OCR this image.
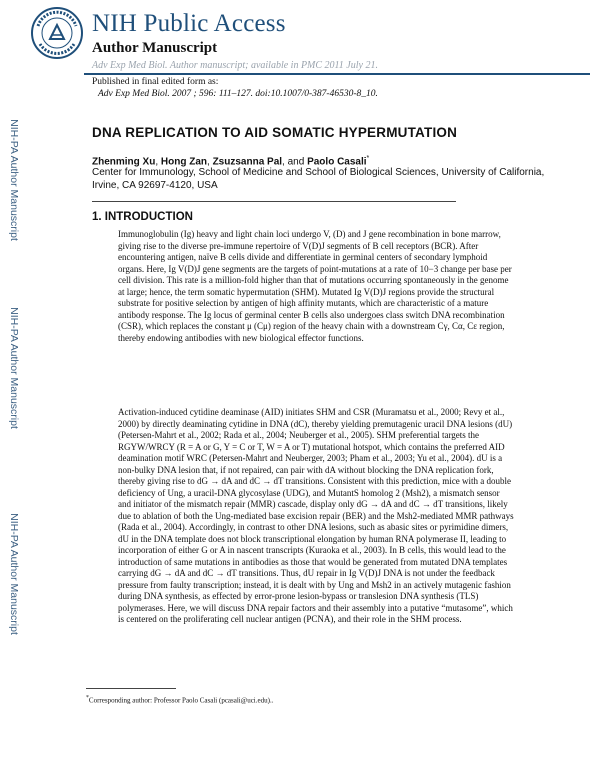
NIH Public Access
Author Manuscript
Adv Exp Med Biol. Author manuscript; available in PMC 2011 July 21.
Published in final edited form as:
Adv Exp Med Biol. 2007 ; 596: 111–127. doi:10.1007/0-387-46530-8_10.
NIH-PA Author Manuscript
NIH-PA Author Manuscript
NIH-PA Author Manuscript
DNA REPLICATION TO AID SOMATIC HYPERMUTATION
Zhenming Xu, Hong Zan, Zsuzsanna Pal, and Paolo Casali*
Center for Immunology, School of Medicine and School of Biological Sciences, University of California, Irvine, CA 92697-4120, USA
1. INTRODUCTION
Immunoglobulin (Ig) heavy and light chain loci undergo V, (D) and J gene recombination in bone marrow, giving rise to the diverse pre-immune repertoire of V(D)J segments of B cell receptors (BCR). After encountering antigen, naïve B cells divide and differentiate in germinal centers of secondary lymphoid organs. Here, Ig V(D)J gene segments are the targets of point-mutations at a rate of 10−3 change per base per cell division. This rate is a million-fold higher than that of mutations occurring spontaneously in the genome at large; hence, the term somatic hypermutation (SHM). Mutated Ig V(D)J regions provide the structural substrate for positive selection by antigen of high affinity mutants, which are characteristic of a mature antibody response. The Ig locus of germinal center B cells also undergoes class switch DNA recombination (CSR), which replaces the constant μ (Cμ) region of the heavy chain with a downstream Cγ, Cα, Cε region, thereby endowing antibodies with new biological effector functions.
Activation-induced cytidine deaminase (AID) initiates SHM and CSR (Muramatsu et al., 2000; Revy et al., 2000) by directly deaminating cytidine in DNA (dC), thereby yielding premutagenic uracil DNA lesions (dU) (Petersen-Mahrt et al., 2002; Rada et al., 2004; Neuberger et al., 2005). SHM preferential targets the RGYW/WRCY (R = A or G, Y = C or T, W = A or T) mutational hotspot, which contains the preferred AID deamination motif WRC (Petersen-Mahrt and Neuberger, 2003; Pham et al., 2003; Yu et al., 2004). dU is a non-bulky DNA lesion that, if not repaired, can pair with dA without blocking the DNA replication fork, thereby giving rise to dG → dA and dC → dT transitions. Consistent with this prediction, mice with a double deficiency of Ung, a uracil-DNA glycosylase (UDG), and MutantS homolog 2 (Msh2), a mismatch sensor and initiator of the mismatch repair (MMR) cascade, display only dG → dA and dC → dT transitions, likely due to ablation of both the Ung-mediated base excision repair (BER) and the Msh2-mediated MMR pathways (Rada et al., 2004). Accordingly, in contrast to other DNA lesions, such as abasic sites or pyrimidine dimers, dU in the DNA template does not block transcriptional elongation by human RNA polymerase II, leading to incorporation of either G or A in nascent transcripts (Kuraoka et al., 2003). In B cells, this would lead to the introduction of same mutations in antibodies as those that would be generated from mutated DNA templates carrying dG → dA and dC → dT transitions. Thus, dU repair in Ig V(D)J DNA is not under the feedback pressure from faulty transcription; instead, it is dealt with by Ung and Msh2 in an actively mutagenic fashion during DNA synthesis, as effected by error-prone lesion-bypass or translesion DNA synthesis (TLS) polymerases. Here, we will discuss DNA repair factors and their assembly into a putative “mutasome”, which is centered on the proliferating cell nuclear antigen (PCNA), and their role in the SHM process.
*Corresponding author: Professor Paolo Casali (pcasali@uci.edu)..
